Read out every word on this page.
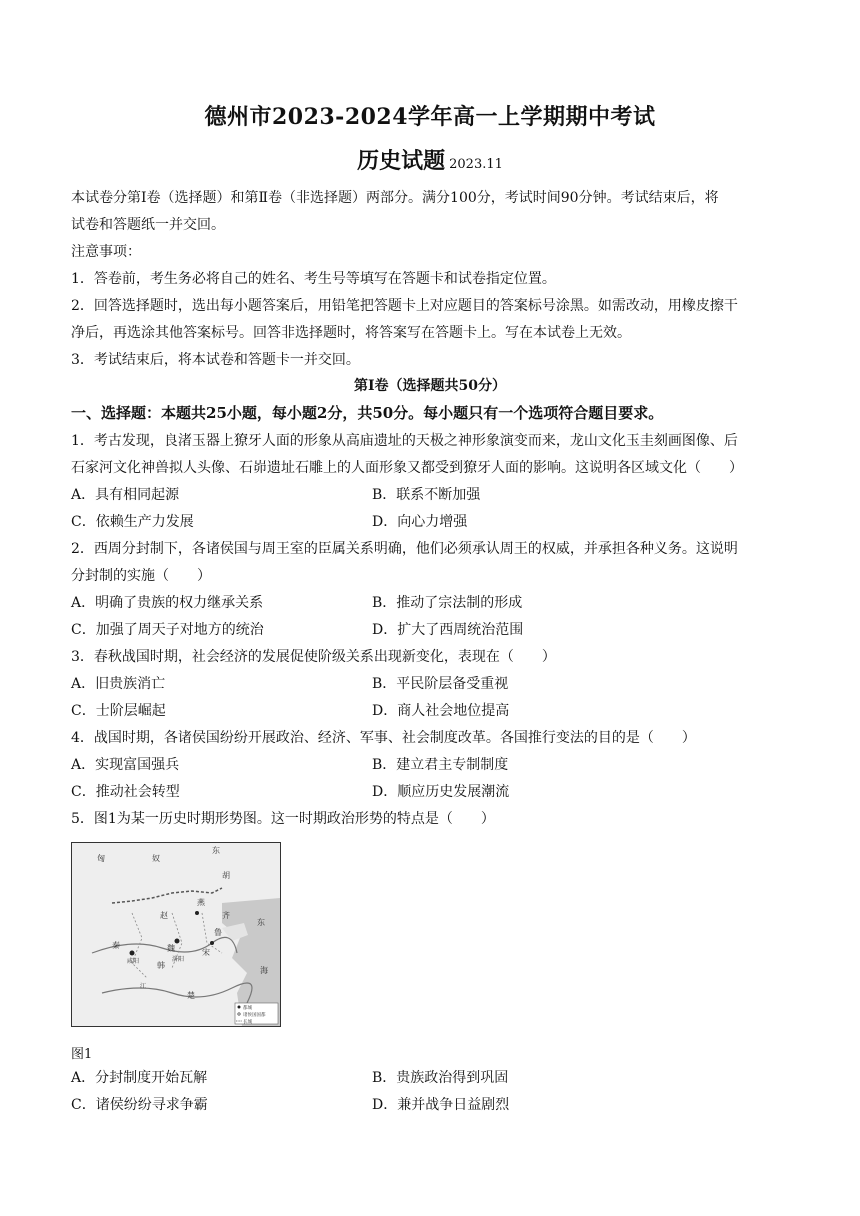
德州市2023-2024学年高一上学期期中考试
历史试题 2023.11
本试卷分第Ⅰ卷（选择题）和第Ⅱ卷（非选择题）两部分。满分100分，考试时间90分钟。考试结束后，将
试卷和答题纸一并交回。
注意事项：
1．答卷前，考生务必将自己的姓名、考生号等填写在答题卡和试卷指定位置。
2．回答选择题时，选出每小题答案后，用铅笔把答题卡上对应题目的答案标号涂黑。如需改动，用橡皮擦干
净后，再选涂其他答案标号。回答非选择题时，将答案写在答题卡上。写在本试卷上无效。
3．考试结束后，将本试卷和答题卡一并交回。
第Ⅰ卷（选择题共50分）
一、选择题：本题共25小题，每小题2分，共50分。每小题只有一个选项符合题目要求。
1．考古发现，良渚玉器上獠牙人面的形象从高庙遗址的天极之神形象演变而来，龙山文化玉圭刻画图像、后
石家河文化神兽拟人头像、石峁遗址石雕上的人面形象又都受到獠牙人面的影响。这说明各区域文化（　　）
A．具有相同起源	B．联系不断加强
C．依赖生产力发展	D．向心力增强
2．西周分封制下，各诸侯国与周王室的臣属关系明确，他们必须承认周王的权威，并承担各种义务。这说明
分封制的实施（　　）
A．明确了贵族的权力继承关系	B．推动了宗法制的形成
C．加强了周天子对地方的统治	D．扩大了西周统治范围
3．春秋战国时期，社会经济的发展促使阶级关系出现新变化，表现在（　　）
A．旧贵族消亡	B．平民阶层备受重视
C．士阶层崛起	D．商人社会地位提高
4．战国时期，各诸侯国纷纷开展政治、经济、军事、社会制度改革。各国推行变法的目的是（　　）
A．实现富国强兵	B．建立君主专制制度
C．推动社会转型	D．顺应历史发展潮流
5．图1为某一历史时期形势图。这一时期政治形势的特点是（　　）
匈	奴
东
胡
燕
赵
魏
韩
秦
齐
楚
鲁
宋
东
海
洛阳
咸阳
江
都城
诸侯国国都
长城
图1
A．分封制度开始瓦解	B．贵族政治得到巩固
C．诸侯纷纷寻求争霸	D．兼并战争日益剧烈
